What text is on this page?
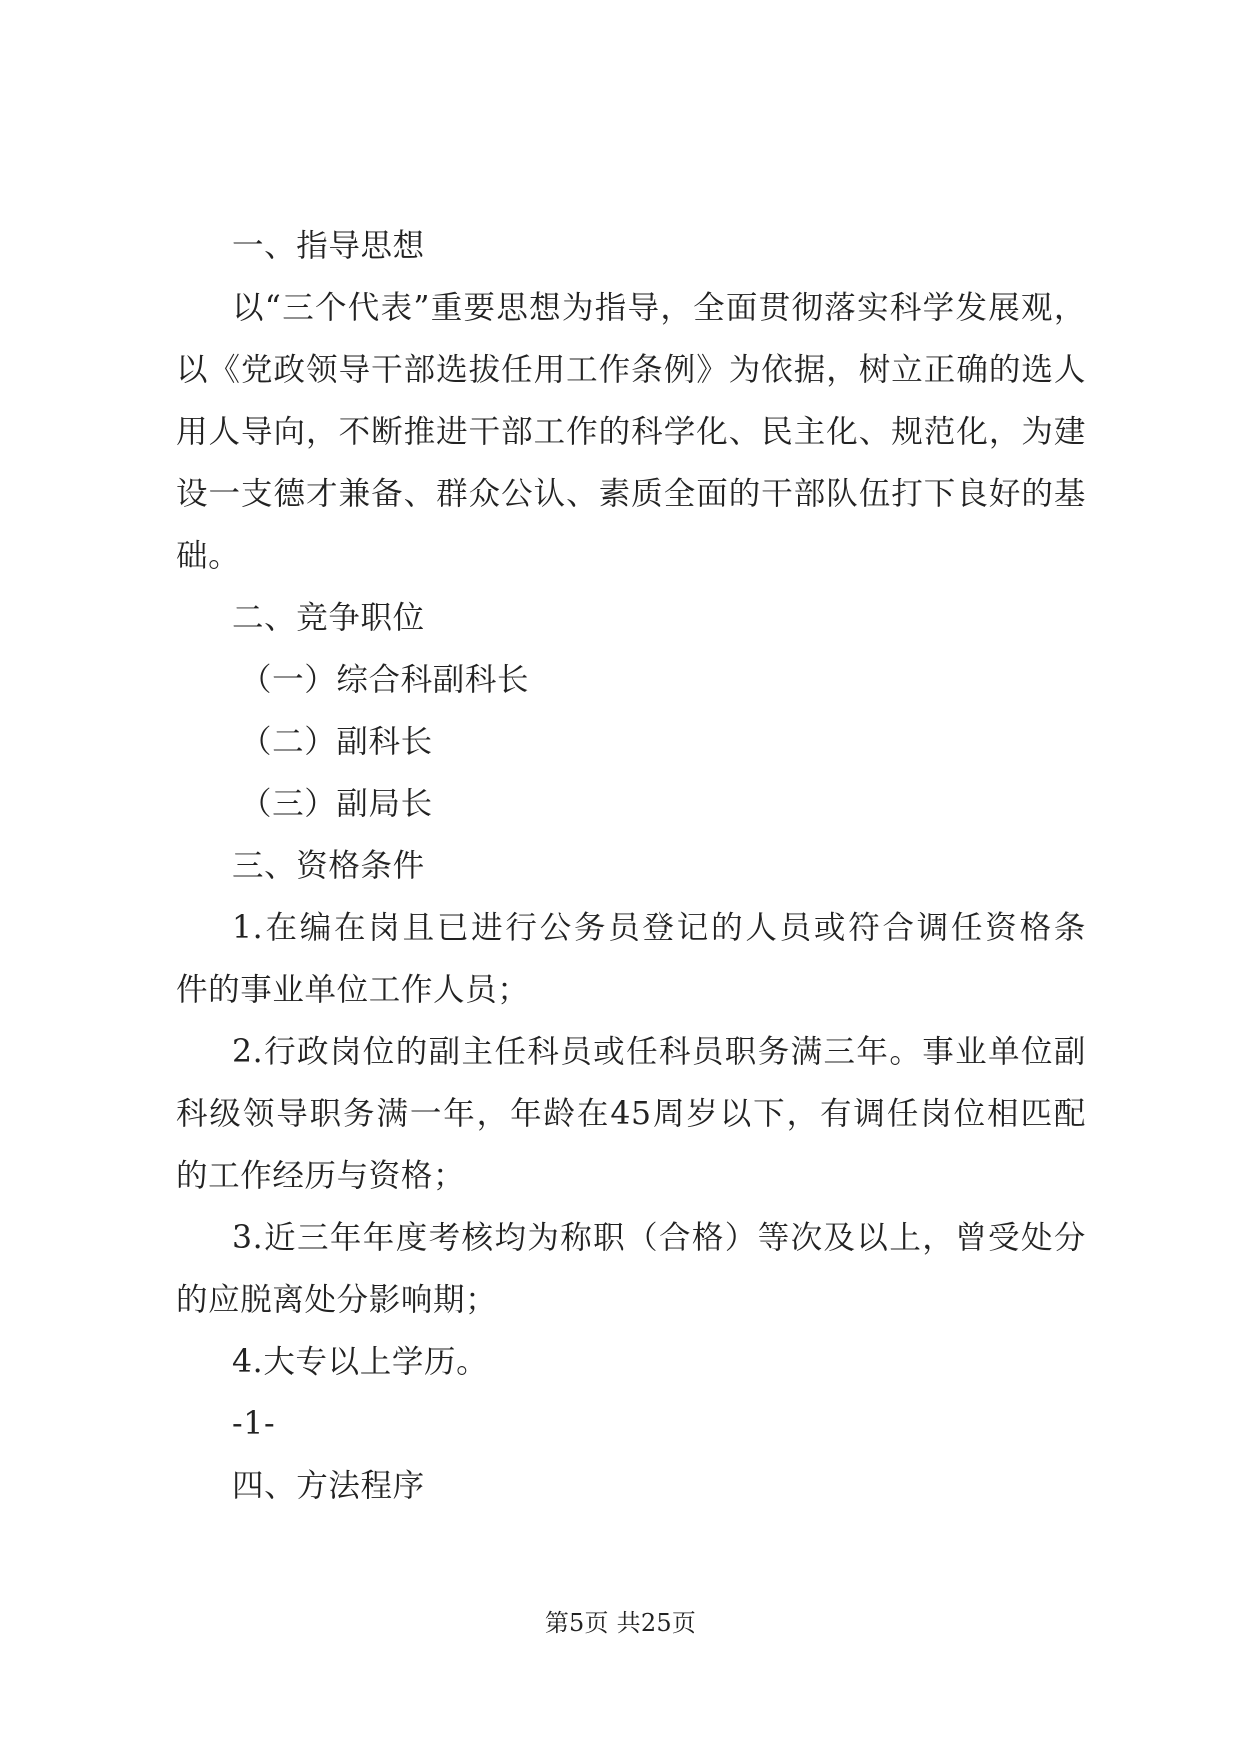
一、指导思想
以“三个代表”重要思想为指导，全面贯彻落实科学发展观，
以《党政领导干部选拔任用工作条例》为依据，树立正确的选人
用人导向，不断推进干部工作的科学化、民主化、规范化，为建
设一支德才兼备、群众公认、素质全面的干部队伍打下良好的基
础。
二、竞争职位
（一）综合科副科长
（二）副科长
（三）副局长
三、资格条件
1.在编在岗且已进行公务员登记的人员或符合调任资格条
件的事业单位工作人员；
2.行政岗位的副主任科员或任科员职务满三年。事业单位副
科级领导职务满一年，年龄在45周岁以下，有调任岗位相匹配
的工作经历与资格；
3.近三年年度考核均为称职（合格）等次及以上，曾受处分
的应脱离处分影响期；
4.大专以上学历。
-1-
四、方法程序
第5页 共25页
